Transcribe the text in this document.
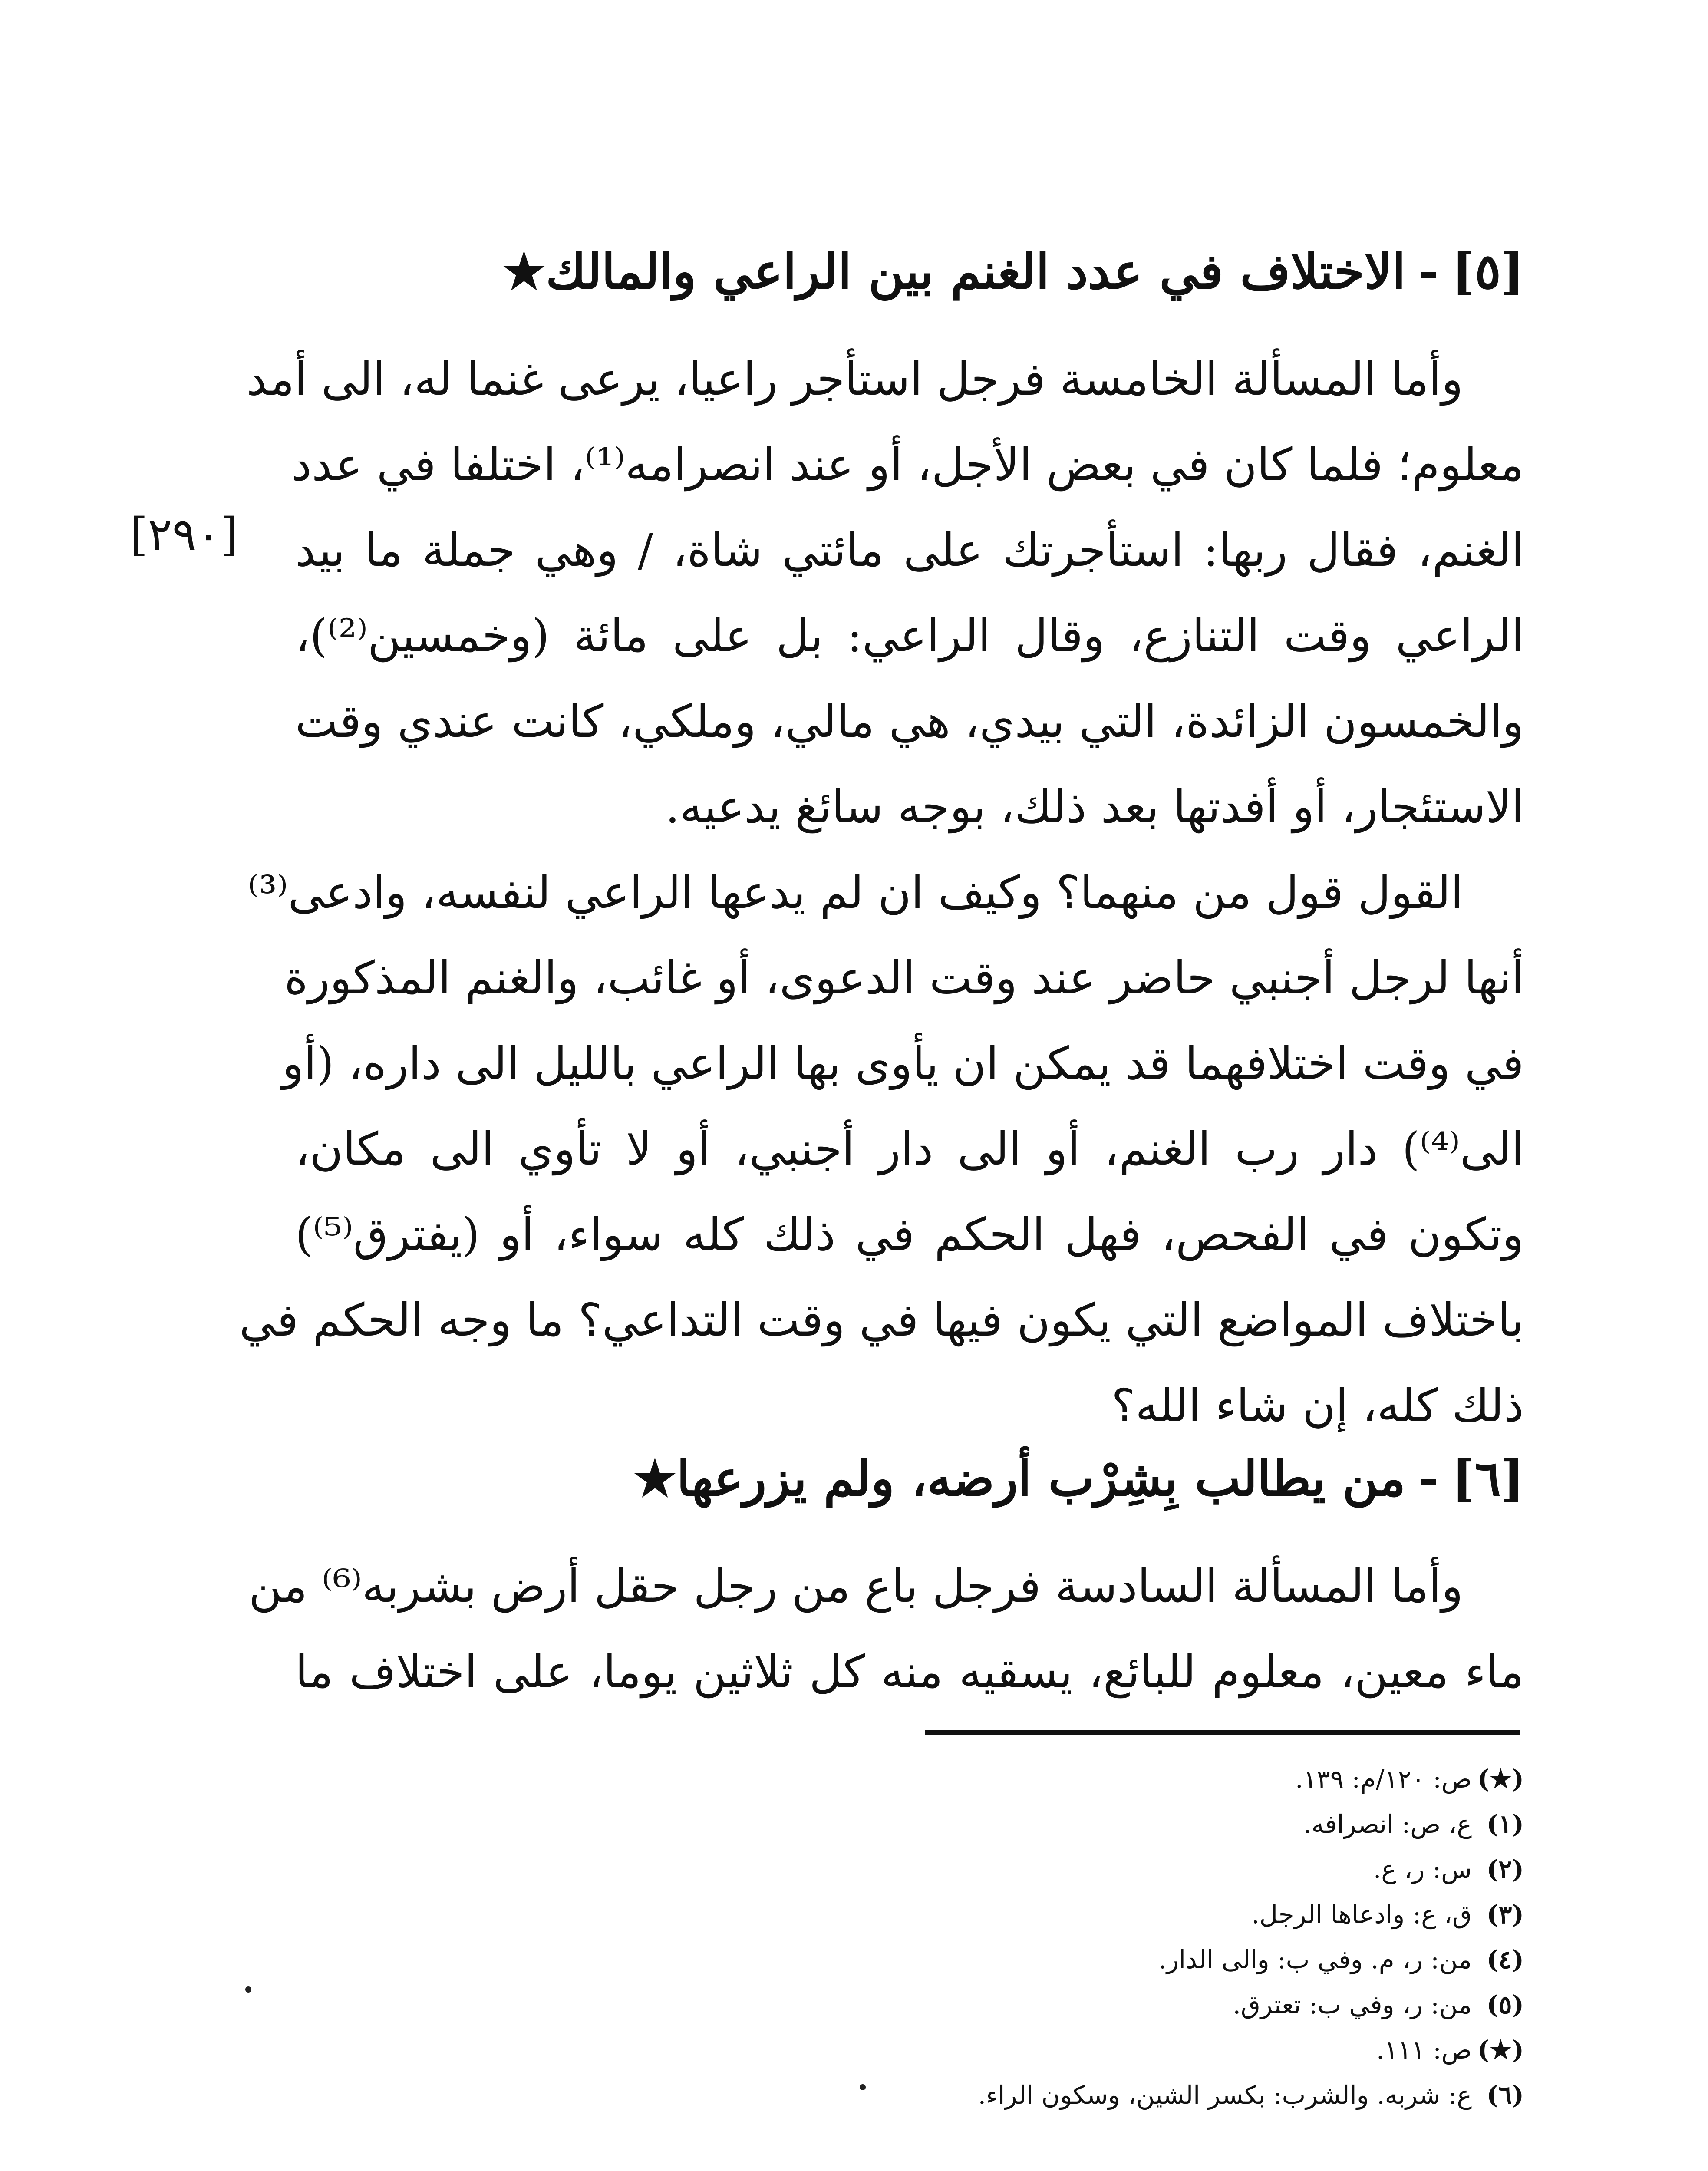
[٥]-الاختلاف في عدد الغنم بين الراعي والمالك★
وأما المسألة الخامسة فرجل استأجر راعيا، يرعى غنما له، الى أمد
معلوم؛ فلما كان في بعض الأجل، أو عند انصرامه⁽¹⁾، اختلفا في عدد
الغنم، فقال ربها: استأجرتك على مائتي شاة، / وهي جملة ما بيد
الراعي وقت التنازع، وقال الراعي: بل على مائة (وخمسين⁽²⁾)،
والخمسون الزائدة، التي بيدي، هي مالي، وملكي، كانت عندي وقت
الاستئجار، أو أفدتها بعد ذلك، بوجه سائغ يدعيه.
القول قول من منهما؟ وكيف ان لم يدعها الراعي لنفسه، وادعى⁽³⁾
أنها لرجل أجنبي حاضر عند وقت الدعوى، أو غائب، والغنم المذكورة
في وقت اختلافهما قد يمكن ان يأوى بها الراعي بالليل الى داره، (أو
الى⁽⁴⁾) دار رب الغنم، أو الى دار أجنبي، أو لا تأوي الى مكان،
وتكون في الفحص، فهل الحكم في ذلك كله سواء، أو (يفترق⁽⁵⁾)
باختلاف المواضع التي يكون فيها في وقت التداعي؟ ما وجه الحكم في
ذلك كله، إن شاء الله؟
[٢٩٠]
[٦]-من يطالب بِشِرْب أرضه، ولم يزرعها★
وأما المسألة السادسة فرجل باع من رجل حقل أرض بشربه⁽⁶⁾ من
ماء معين، معلوم للبائع، يسقيه منه كل ثلاثين يوما، على اختلاف ما
(★)ص: ١٢٠/م: ١٣٩.
(١)ع، ص: انصرافه.
(٢)س: ر، ع.
(٣)ق، ع: وادعاها الرجل.
(٤)من: ر، م. وفي ب: والى الدار.
(٥)من: ر، وفي ب: تعترق.
(★)ص: ١١١.
(٦)ع: شربه. والشرب: بكسر الشين، وسكون الراء.
